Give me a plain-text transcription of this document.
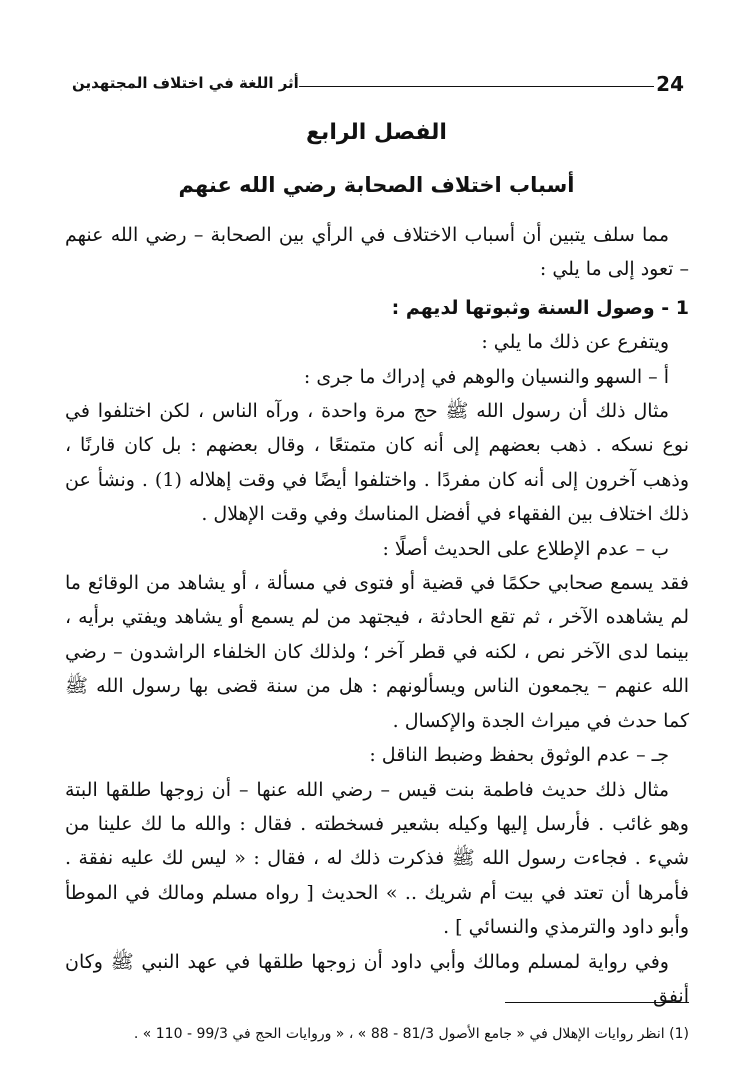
24
أثر اللغة في اختلاف المجتهدين
الفصل الرابع
أسباب اختلاف الصحابة رضي الله عنهم

مما سلف يتبين أن أسباب الاختلاف في الرأي بين الصحابة – رضي الله عنهم – تعود إلى ما يلي :

1 - وصول السنة وثبوتها لديهم :

ويتفرع عن ذلك ما يلي :

أ – السهو والنسيان والوهم في إدراك ما جرى :

مثال ذلك أن رسول الله ﷺ حج مرة واحدة ، ورآه الناس ، لكن اختلفوا في نوع نسكه . ذهب بعضهم إلى أنه كان متمتعًا ، وقال بعضهم : بل كان قارنًا ، وذهب آخرون إلى أنه كان مفردًا . واختلفوا أيضًا في وقت إهلاله (1) . ونشأ عن ذلك اختلاف بين الفقهاء في أفضل المناسك وفي وقت الإهلال .

ب – عدم الإطلاع على الحديث أصلًا :

فقد يسمع صحابي حكمًا في قضية أو فتوى في مسألة ، أو يشاهد من الوقائع ما لم يشاهده الآخر ، ثم تقع الحادثة ، فيجتهد من لم يسمع أو يشاهد ويفتي برأيه ، بينما لدى الآخر نص ، لكنه في قطر آخر ؛ ولذلك كان الخلفاء الراشدون – رضي الله عنهم – يجمعون الناس ويسألونهم : هل من سنة قضى بها رسول الله ﷺ كما حدث في ميراث الجدة والإكسال .

جـ – عدم الوثوق بحفظ وضبط الناقل :

مثال ذلك حديث فاطمة بنت قيس – رضي الله عنها – أن زوجها طلقها البتة وهو غائب . فأرسل إليها وكيله بشعير فسخطته . فقال : والله ما لك علينا من شيء . فجاءت رسول الله ﷺ فذكرت ذلك له ، فقال : « ليس لك عليه نفقة . فأمرها أن تعتد في بيت أم شريك .. » الحديث [ رواه مسلم ومالك في الموطأ وأبو داود والترمذي والنسائي ] .

وفي رواية لمسلم ومالك وأبي داود أن زوجها طلقها في عهد النبي ﷺ وكان أنفق

(1) انظر روايات الإهلال في « جامع الأصول 81/3 - 88 » ، « وروايات الحج في 99/3 - 110 » .
